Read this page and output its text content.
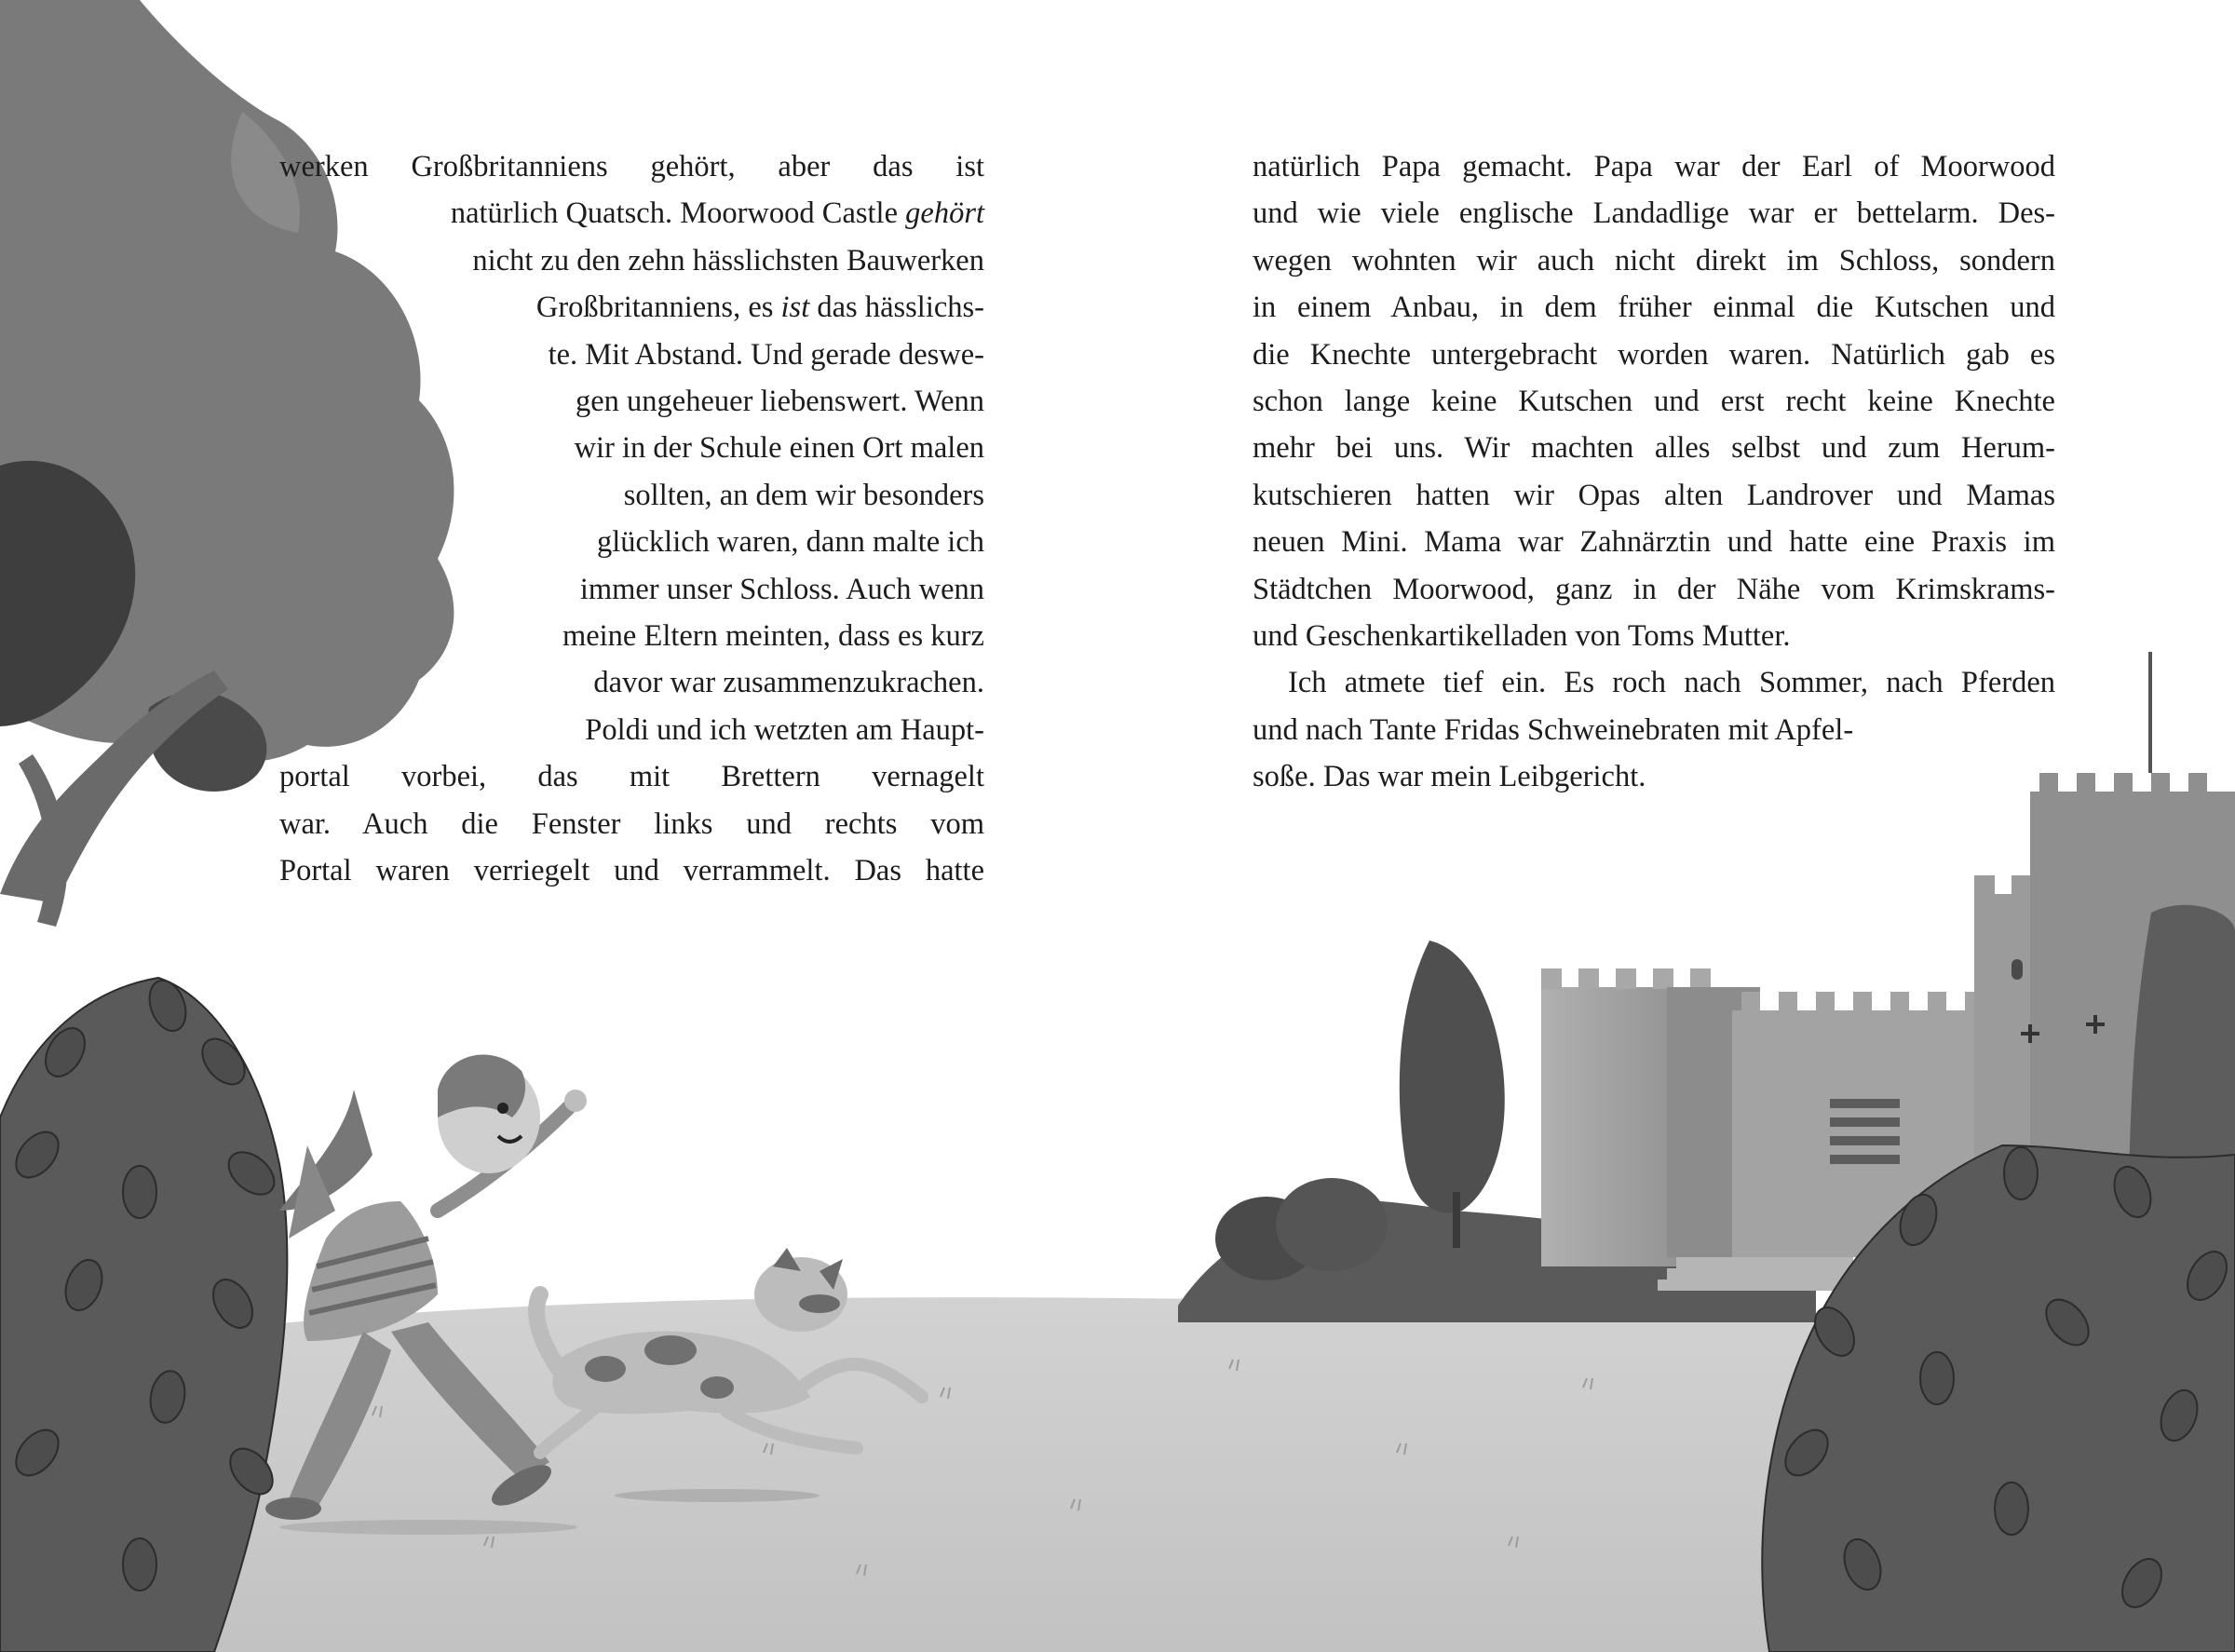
werken Großbritanniens gehört, aber das ist
natürlich Quatsch. Moorwood Castle gehört
nicht zu den zehn hässlichsten Bauwerken
Großbritanniens, es ist das hässlichs-
te. Mit Abstand. Und gerade deswe-
gen ungeheuer liebenswert. Wenn
wir in der Schule einen Ort malen
sollten, an dem wir besonders
glücklich waren, dann malte ich
immer unser Schloss. Auch wenn
meine Eltern meinten, dass es kurz
davor war zusammenzukrachen.
Poldi und ich wetzten am Haupt-
portal vorbei, das mit Brettern vernagelt
war. Auch die Fenster links und rechts vom
Portal waren verriegelt und verrammelt. Das hatte
natürlich Papa gemacht. Papa war der Earl of Moorwood
und wie viele englische Landadlige war er bettelarm. Des-
wegen wohnten wir auch nicht direkt im Schloss, sondern
in einem Anbau, in dem früher einmal die Kutschen und
die Knechte untergebracht worden waren. Natürlich gab es
schon lange keine Kutschen und erst recht keine Knechte
mehr bei uns. Wir machten alles selbst und zum Herum-
kutschieren hatten wir Opas alten Landrover und Mamas
neuen Mini. Mama war Zahnärztin und hatte eine Praxis im
Städtchen Moorwood, ganz in der Nähe vom Krimskrams-
und Geschenkartikelladen von Toms Mutter.
Ich atmete tief ein. Es roch nach Sommer, nach Pferden
und nach Tante Fridas Schweinebraten mit Apfel-
soße. Das war mein Leibgericht.
